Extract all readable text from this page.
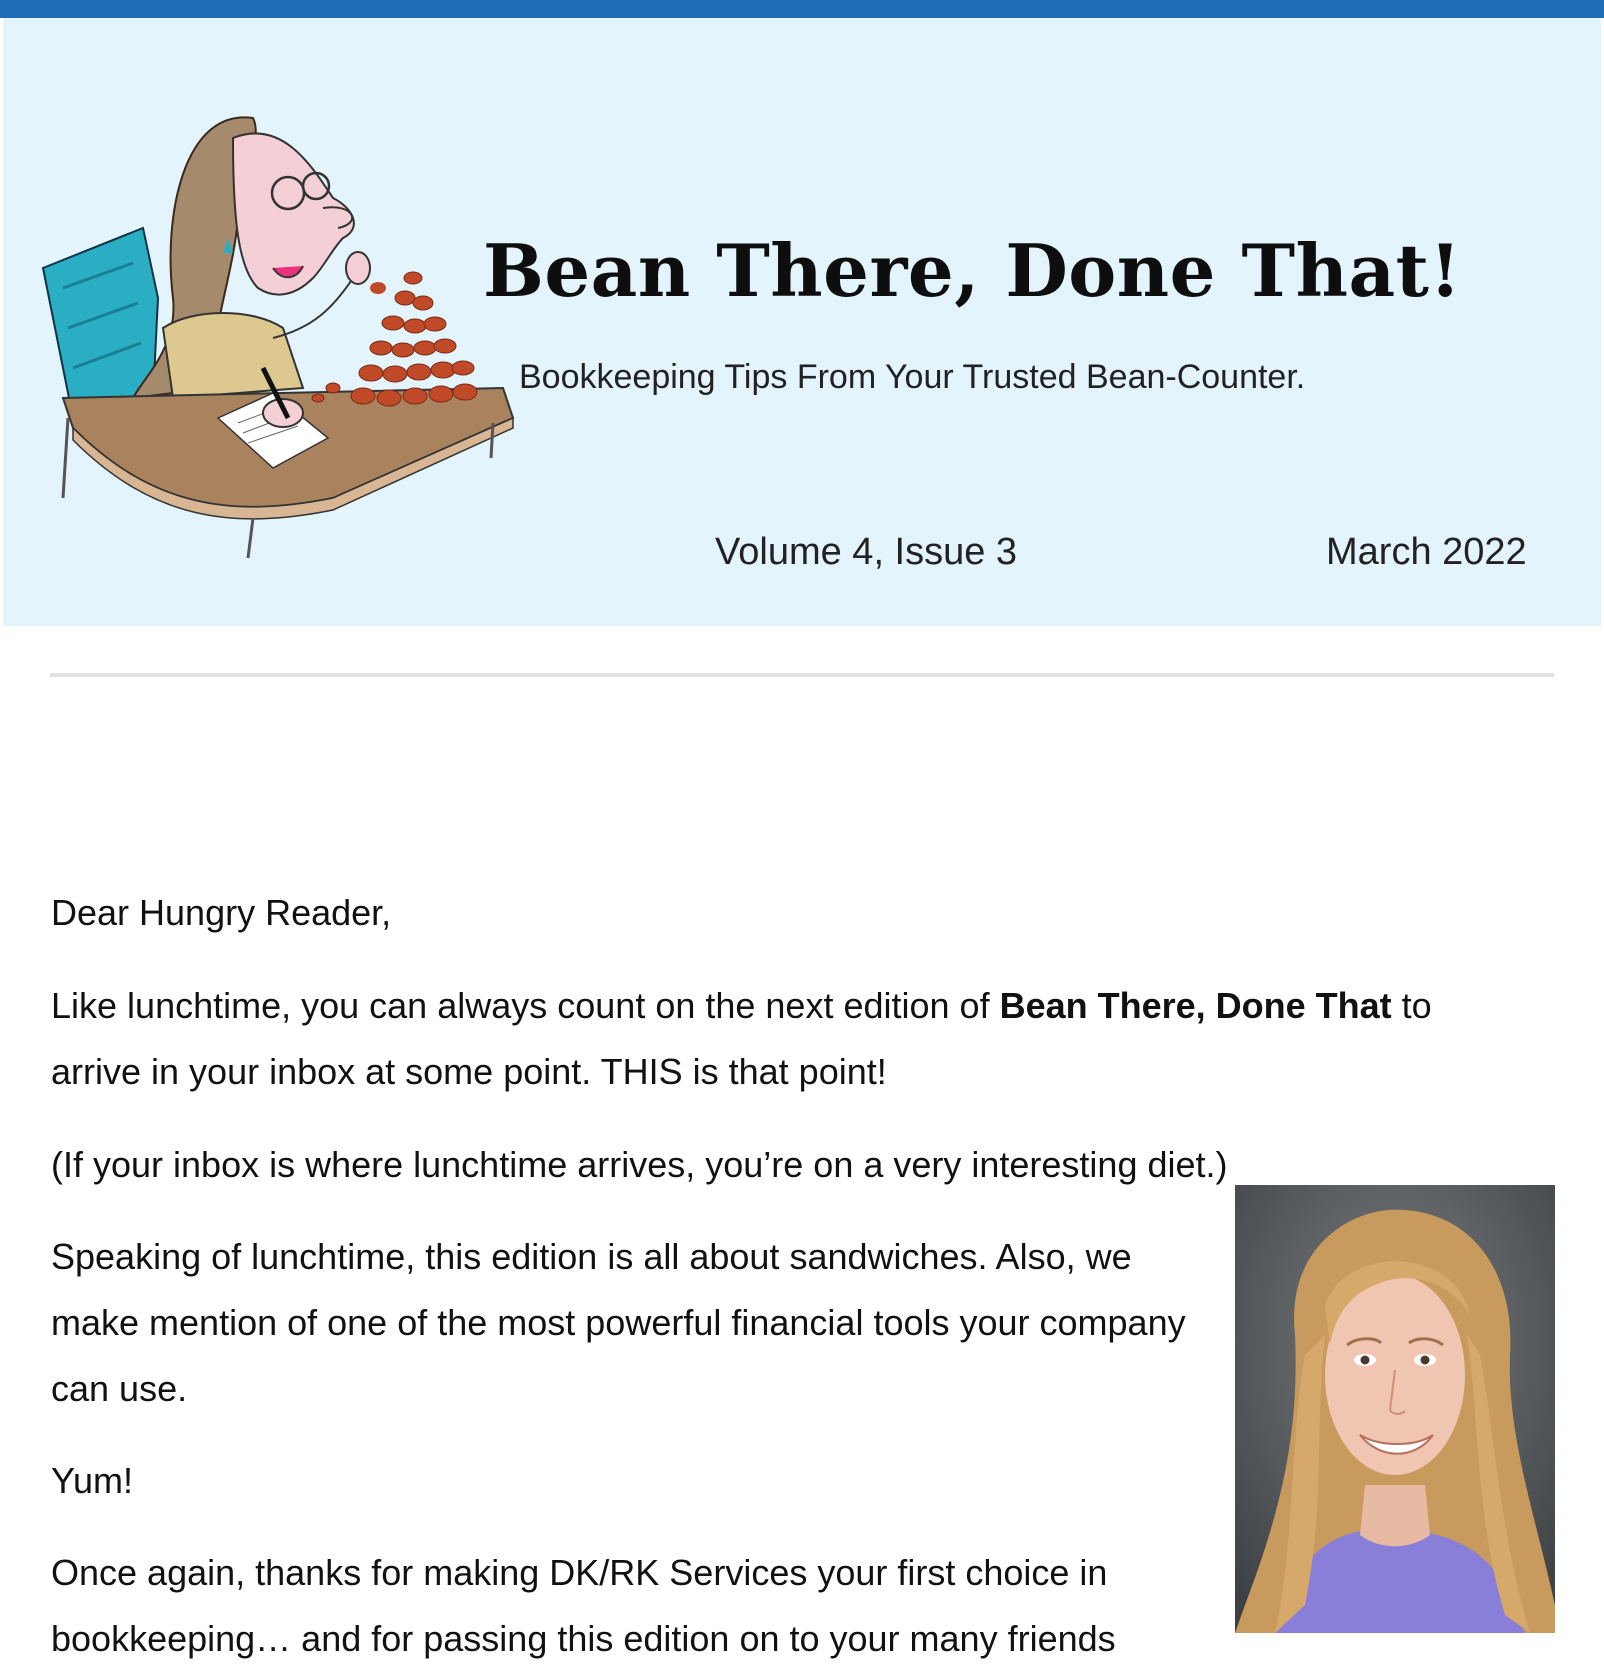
Bean There, Done That!
Bookkeeping Tips From Your Trusted Bean-Counter.
Volume 4, Issue 3	March 2022

Dear Hungry Reader,

Like lunchtime, you can always count on the next edition of Bean There, Done That to arrive in your inbox at some point. THIS is that point!

(If your inbox is where lunchtime arrives, you’re on a very interesting diet.)

Speaking of lunchtime, this edition is all about sandwiches. Also, we make mention of one of the most powerful financial tools your company can use.

Yum!

Once again, thanks for making DK/RK Services your first choice in bookkeeping… and for passing this edition on to your many friends
